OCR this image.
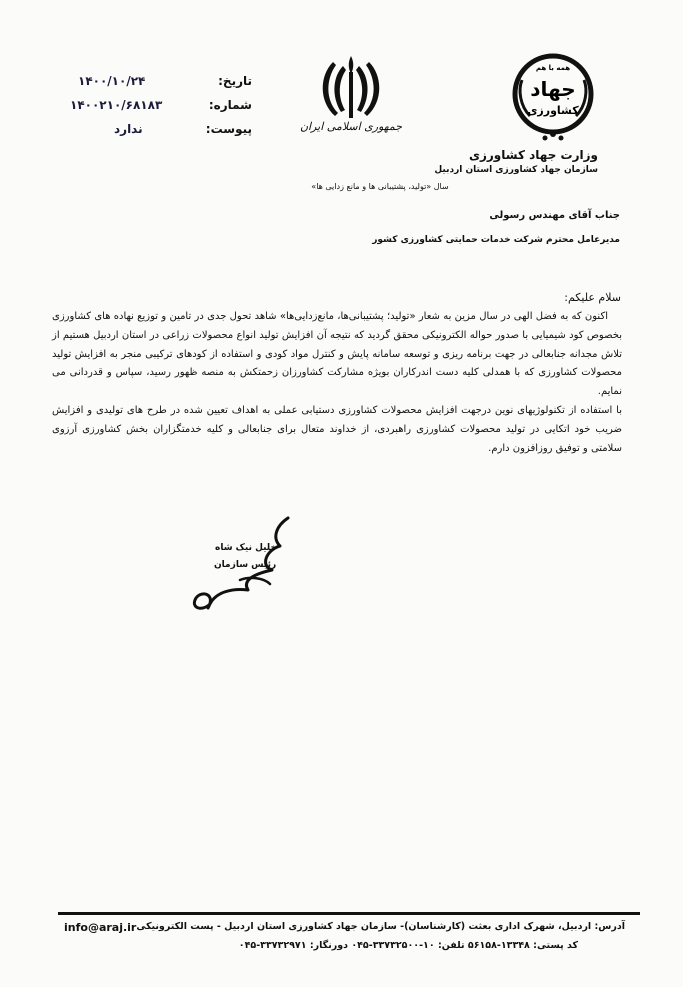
تاریخ:
۱۴۰۰/۱۰/۲۴
شماره:
۱۴۰۰۲۱۰/۶۸۱۸۳
پیوست:
ندارد	جمهوری اسلامی ایران
همه با هم
جهاد
کشاورزی
وزارت جهاد کشاورزی
سازمان جهاد کشاورزی استان اردبیل
سال «تولید، پشتیبانی ها و مانع زدایی ها»
جناب آقای مهندس رسولی
مدیرعامل محترم شرکت خدمات حمایتی کشاورزی کشور
سلام علیکم:

اکنون که به فضل الهی در سال مزین به شعار «تولید؛ پشتیبانی‌ها، مانع‌زدایی‌ها» شاهد تحول جدی در تامین و توزیع نهاده های کشاورزی بخصوص کود شیمیایی با صدور حواله الکترونیکی محقق گردید که نتیجه آن افزایش تولید انواع محصولات زراعی در استان اردبیل هستیم از تلاش مجدانه جنابعالی در جهت برنامه ریزی و توسعه سامانه پایش و کنترل مواد کودی و استفاده از کودهای ترکیبی منجر به افزایش تولید محصولات کشاورزی که با همدلی کلیه دست اندرکاران بویژه مشارکت کشاورزان زحمتکش به منصه ظهور رسید، سپاس و قدردانی می نمایم.

با استفاده از تکنولوژیهای نوین درجهت افزایش محصولات کشاورزی دستیابی عملی به اهداف تعیین شده در طرح های تولیدی و افزایش ضریب خود اتکایی در تولید محصولات کشاورزی راهبردی، از خداوند متعال برای جنابعالی و کلیه خدمتگزاران بخش کشاورزی آرزوی سلامتی و توفیق روزافزون دارم.

خلیل نیک شاه
رئیس سازمان
info@araj.ir آدرس: اردبیل، شهرک اداری بعثت (کارشناسان)- سازمان جهاد کشاورزی استان اردبیل - پست الکترونیکی
کد پستی: ۱۳۳۴۸-۵۶۱۵۸ تلفن: ۱۰-۳۳۷۳۲۵۰۰-۰۴۵ دورنگار: ۳۳۷۳۲۹۷۱-۰۴۵
